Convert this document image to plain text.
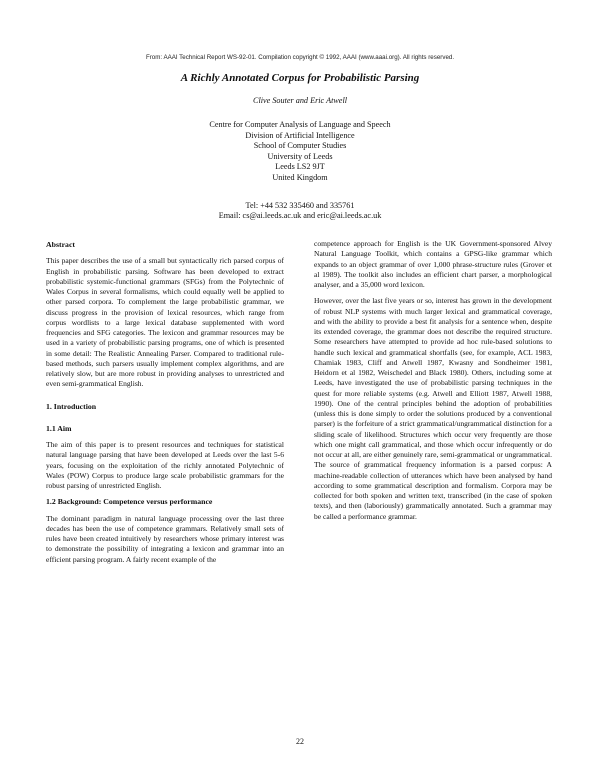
From: AAAI Technical Report WS-92-01. Compilation copyright © 1992, AAAI (www.aaai.org). All rights reserved.
A Richly Annotated Corpus for Probabilistic Parsing
Clive Souter and Eric Atwell
Centre for Computer Analysis of Language and Speech
Division of Artificial Intelligence
School of Computer Studies
University of Leeds
Leeds LS2 9JT
United Kingdom
Tel: +44 532 335460 and 335761
Email: cs@ai.leeds.ac.uk and eric@ai.leeds.ac.uk
Abstract

This paper describes the use of a small but syntactically rich parsed corpus of English in probabilistic parsing. Software has been developed to extract probabilistic systemic-functional grammars (SFGs) from the Polytechnic of Wales Corpus in several formalisms, which could equally well be applied to other parsed corpora. To complement the large probabilistic grammar, we discuss progress in the provision of lexical resources, which range from corpus wordlists to a large lexical database supplemented with word frequencies and SFG categories. The lexicon and grammar resources may be used in a variety of probabilistic parsing programs, one of which is presented in some detail: The Realistic Annealing Parser. Compared to traditional rule-based methods, such parsers usually implement complex algorithms, and are relatively slow, but are more robust in providing analyses to unrestricted and even semi-grammatical English.

1. Introduction
1.1 Aim

The aim of this paper is to present resources and techniques for statistical natural language parsing that have been developed at Leeds over the last 5-6 years, focusing on the exploitation of the richly annotated Polytechnic of Wales (POW) Corpus to produce large scale probabilistic grammars for the robust parsing of unrestricted English.

1.2 Background: Competence versus performance

The dominant paradigm in natural language processing over the last three decades has been the use of competence grammars. Relatively small sets of rules have been created intuitively by researchers whose primary interest was to demonstrate the possibility of integrating a lexicon and grammar into an efficient parsing program. A fairly recent example of the

competence approach for English is the UK Government-sponsored Alvey Natural Language Toolkit, which contains a GPSG-like grammar which expands to an object grammar of over 1,000 phrase-structure rules (Grover et al 1989). The toolkit also includes an efficient chart parser, a morphological analyser, and a 35,000 word lexicon.

However, over the last five years or so, interest has grown in the development of robust NLP systems with much larger lexical and grammatical coverage, and with the ability to provide a best fit analysis for a sentence when, despite its extended coverage, the grammar does not describe the required structure. Some researchers have attempted to provide ad hoc rule-based solutions to handle such lexical and grammatical shortfalls (see, for example, ACL 1983, Chamiak 1983, Cliff and Atwell 1987, Kwasny and Sondheimer 1981, Heidorn et al 1982, Weischedel and Black 1980). Others, including some at Leeds, have investigated the use of probabilistic parsing techniques in the quest for more reliable systems (e.g. Atwell and Elliott 1987, Atwell 1988, 1990). One of the central principles behind the adoption of probabilities (unless this is done simply to order the solutions produced by a conventional parser) is the forfeiture of a strict grammatical/ungrammatical distinction for a sliding scale of likelihood. Structures which occur very frequently are those which one might call grammatical, and those which occur infrequently or do not occur at all, are either genuinely rare, semi-grammatical or ungrammatical. The source of grammatical frequency information is a parsed corpus: A machine-readable collection of utterances which have been analysed by hand according to some grammatical description and formalism. Corpora may be collected for both spoken and written text, transcribed (in the case of spoken texts), and then (laboriously) grammatically annotated. Such a grammar may be called a performance grammar.

22
